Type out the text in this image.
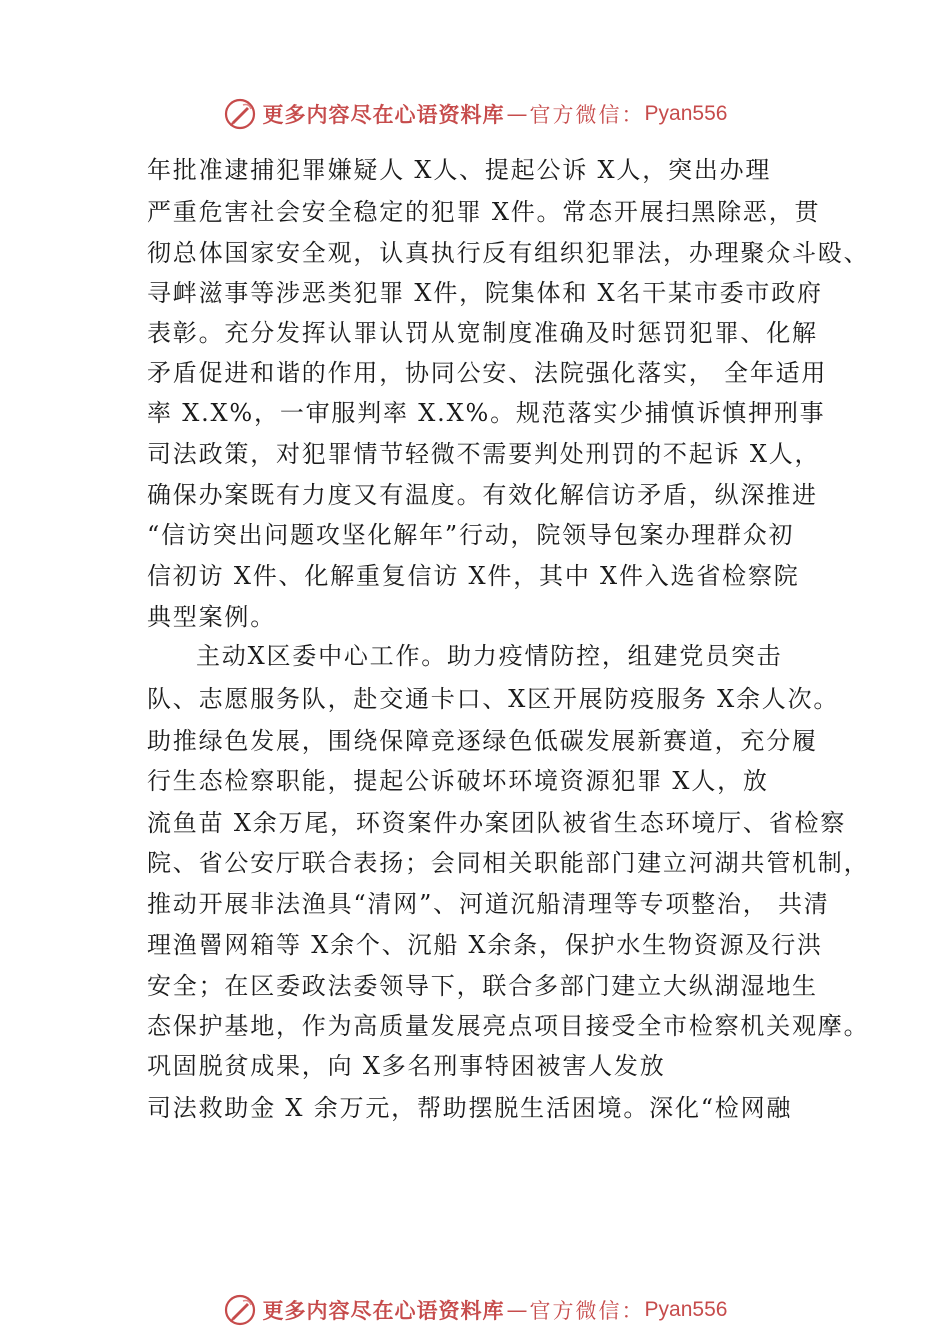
更多内容尽在心语资料库 — 官方微信： Pyan556
年批准逮捕犯罪嫌疑人 X人、提起公诉 X人，突出办理
严重危害社会安全稳定的犯罪 X件。常态开展扫黑除恶，贯
彻总体国家安全观，认真执行反有组织犯罪法，办理聚众斗殴、
寻衅滋事等涉恶类犯罪 X件，院集体和 X名干某市委市政府
表彰。充分发挥认罪认罚从宽制度准确及时惩罚犯罪、化解
矛盾促进和谐的作用，协同公安、法院强化落实， 全年适用
率 X.X%，一审服判率 X.X%。规范落实少捕慎诉慎押刑事
司法政策，对犯罪情节轻微不需要判处刑罚的不起诉 X人，
确保办案既有力度又有温度。有效化解信访矛盾，纵深推进
“信访突出问题攻坚化解年”行动，院领导包案办理群众初
信初访 X件、化解重复信访 X件，其中 X件入选省检察院
典型案例。
主动X区委中心工作。助力疫情防控，组建党员突击
队、志愿服务队，赴交通卡口、X区开展防疫服务 X余人次。
助推绿色发展，围绕保障竞逐绿色低碳发展新赛道，充分履
行生态检察职能，提起公诉破坏环境资源犯罪 X人，放
流鱼苗 X余万尾，环资案件办案团队被省生态环境厅、省检察
院、省公安厅联合表扬；会同相关职能部门建立河湖共管机制，
推动开展非法渔具“清网”、河道沉船清理等专项整治， 共清
理渔罾网箱等 X余个、沉船 X余条，保护水生物资源及行洪
安全；在区委政法委领导下，联合多部门建立大纵湖湿地生
态保护基地，作为高质量发展亮点项目接受全市检察机关观摩。
巩固脱贫成果，向 X多名刑事特困被害人发放
司法救助金 X 余万元，帮助摆脱生活困境。深化“检网融
更多内容尽在心语资料库 — 官方微信： Pyan556
